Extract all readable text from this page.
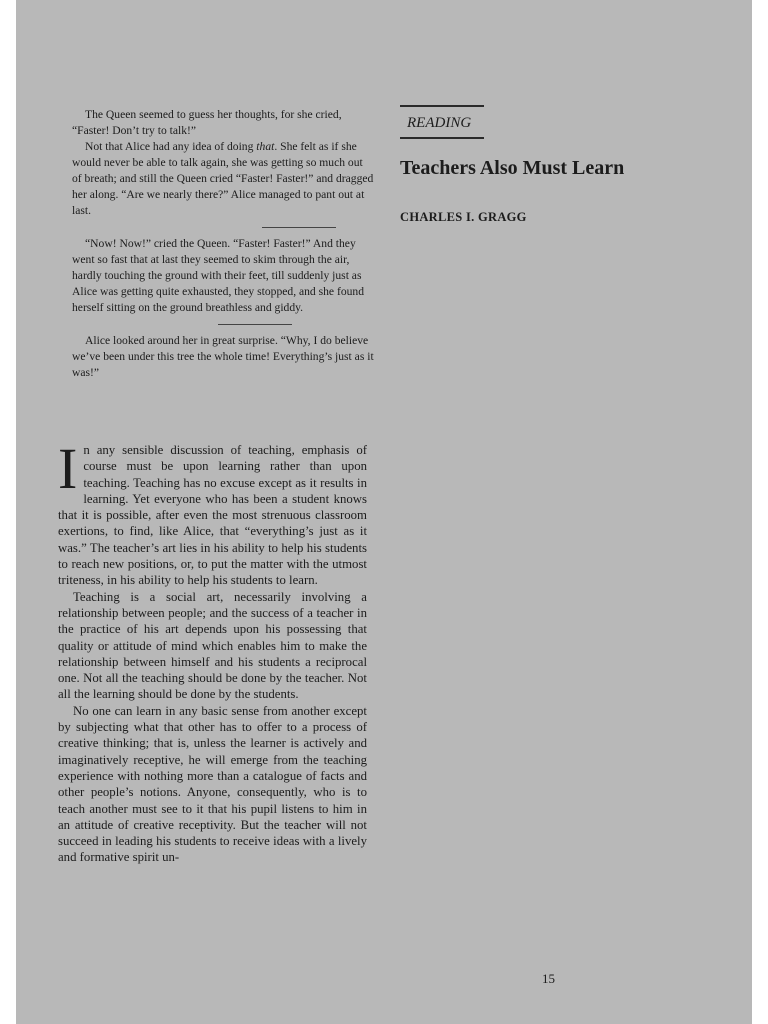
The Queen seemed to guess her thoughts, for she cried, “Faster! Don’t try to talk!”

Not that Alice had any idea of doing that. She felt as if she would never be able to talk again, she was getting so much out of breath; and still the Queen cried “Faster! Faster!” and dragged her along. “Are we nearly there?” Alice managed to pant out at last.

“Now! Now!” cried the Queen. “Faster! Faster!” And they went so fast that at last they seemed to skim through the air, hardly touching the ground with their feet, till suddenly just as Alice was getting quite exhausted, they stopped, and she found herself sitting on the ground breathless and giddy.

Alice looked around her in great surprise. “Why, I do believe we’ve been under this tree the whole time! Everything’s just as it was!”

READING
Teachers Also Must Learn
CHARLES I. GRAGG

In any sensible discussion of teaching, emphasis of course must be upon learning rather than upon teaching. Teaching has no excuse except as it results in learning. Yet everyone who has been a student knows that it is possible, after even the most strenuous classroom exertions, to find, like Alice, that “everything’s just as it was.” The teacher’s art lies in his ability to help his students to reach new positions, or, to put the matter with the utmost triteness, in his ability to help his students to learn.

Teaching is a social art, necessarily involving a relationship between people; and the success of a teacher in the practice of his art depends upon his possessing that quality or attitude of mind which enables him to make the relationship between himself and his students a reciprocal one. Not all the teaching should be done by the teacher. Not all the learning should be done by the students.

No one can learn in any basic sense from another except by subjecting what that other has to offer to a process of creative thinking; that is, unless the learner is actively and imaginatively receptive, he will emerge from the teaching experience with nothing more than a catalogue of facts and other people’s notions. Anyone, consequently, who is to teach another must see to it that his pupil listens to him in an attitude of creative receptivity. But the teacher will not succeed in leading his students to receive ideas with a lively and formative spirit un-

15
